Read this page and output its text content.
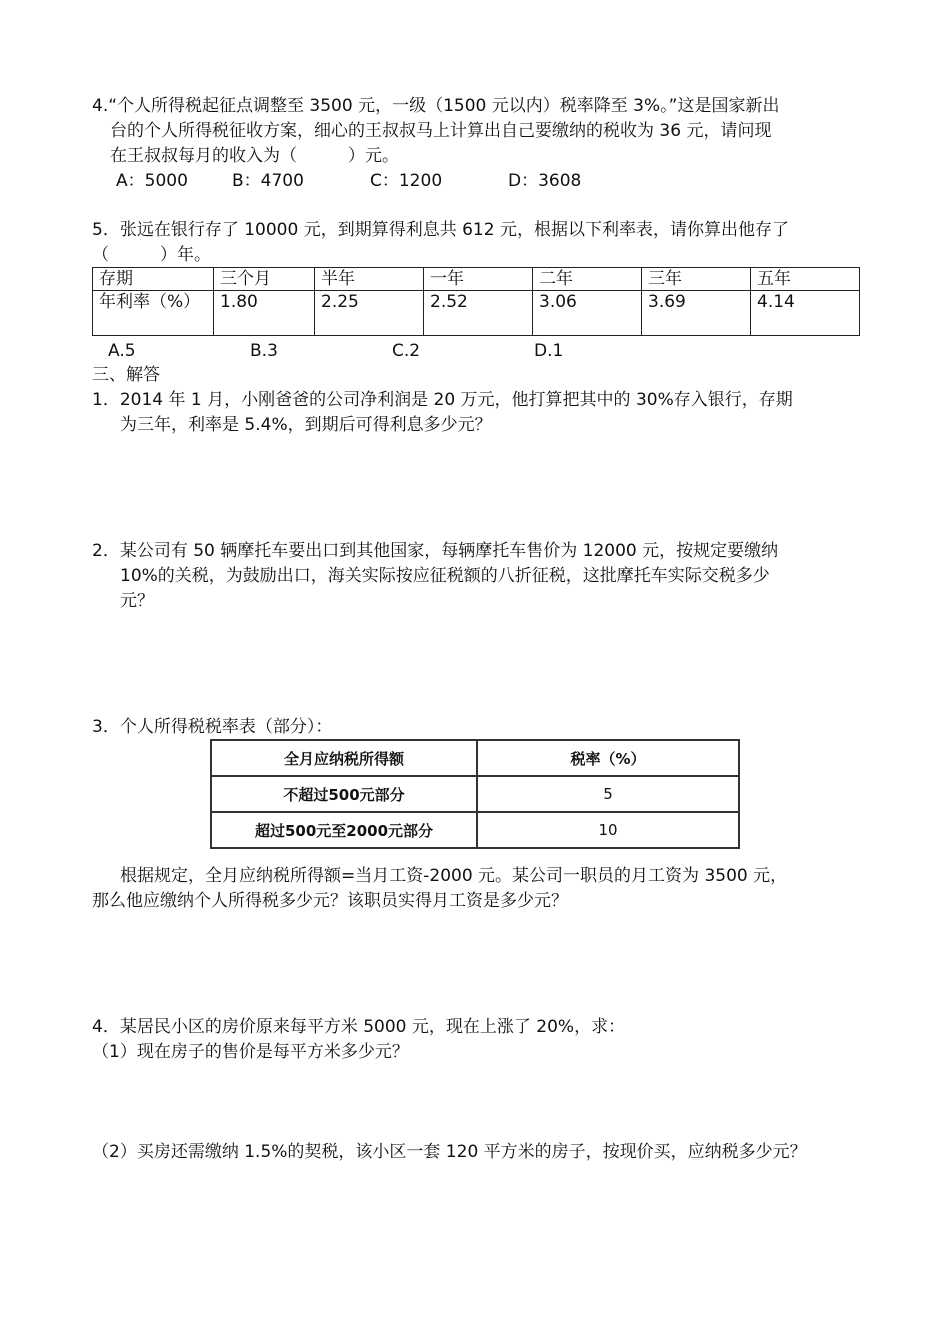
4.“个人所得税起征点调整至 3500 元，一级（1500 元以内）税率降至 3%。”这是国家新出
台的个人所得税征收方案，细心的王叔叔马上计算出自己要缴纳的税收为 36 元，请问现
在王叔叔每月的收入为（　　　）元。
A：5000	B：4700	C：1200	D：3608
5．张远在银行存了 10000 元，到期算得利息共 612 元，根据以下利率表，请你算出他存了
（　　　）年。
存期	三个月	半年	一年	二年	三年	五年
年利率（%）	1.80	2.25	2.52	3.06	3.69	4.14
A.5	B.3	C.2	D.1
三、解答
1．2014 年 1 月，小刚爸爸的公司净利润是 20 万元，他打算把其中的 30%存入银行，存期
为三年，利率是 5.4%，到期后可得利息多少元？
2．某公司有 50 辆摩托车要出口到其他国家，每辆摩托车售价为 12000 元，按规定要缴纳
10%的关税，为鼓励出口，海关实际按应征税额的八折征税，这批摩托车实际交税多少
元？
3．个人所得税税率表（部分）：
全月应纳税所得额	税率（%）
不超过500元部分	5
超过500元至2000元部分	10
根据规定，全月应纳税所得额=当月工资-2000 元。某公司一职员的月工资为 3500 元，
那么他应缴纳个人所得税多少元？该职员实得月工资是多少元？
4．某居民小区的房价原来每平方米 5000 元，现在上涨了 20%，求：
（1）现在房子的售价是每平方米多少元？
（2）买房还需缴纳 1.5%的契税，该小区一套 120 平方米的房子，按现价买，应纳税多少元？
